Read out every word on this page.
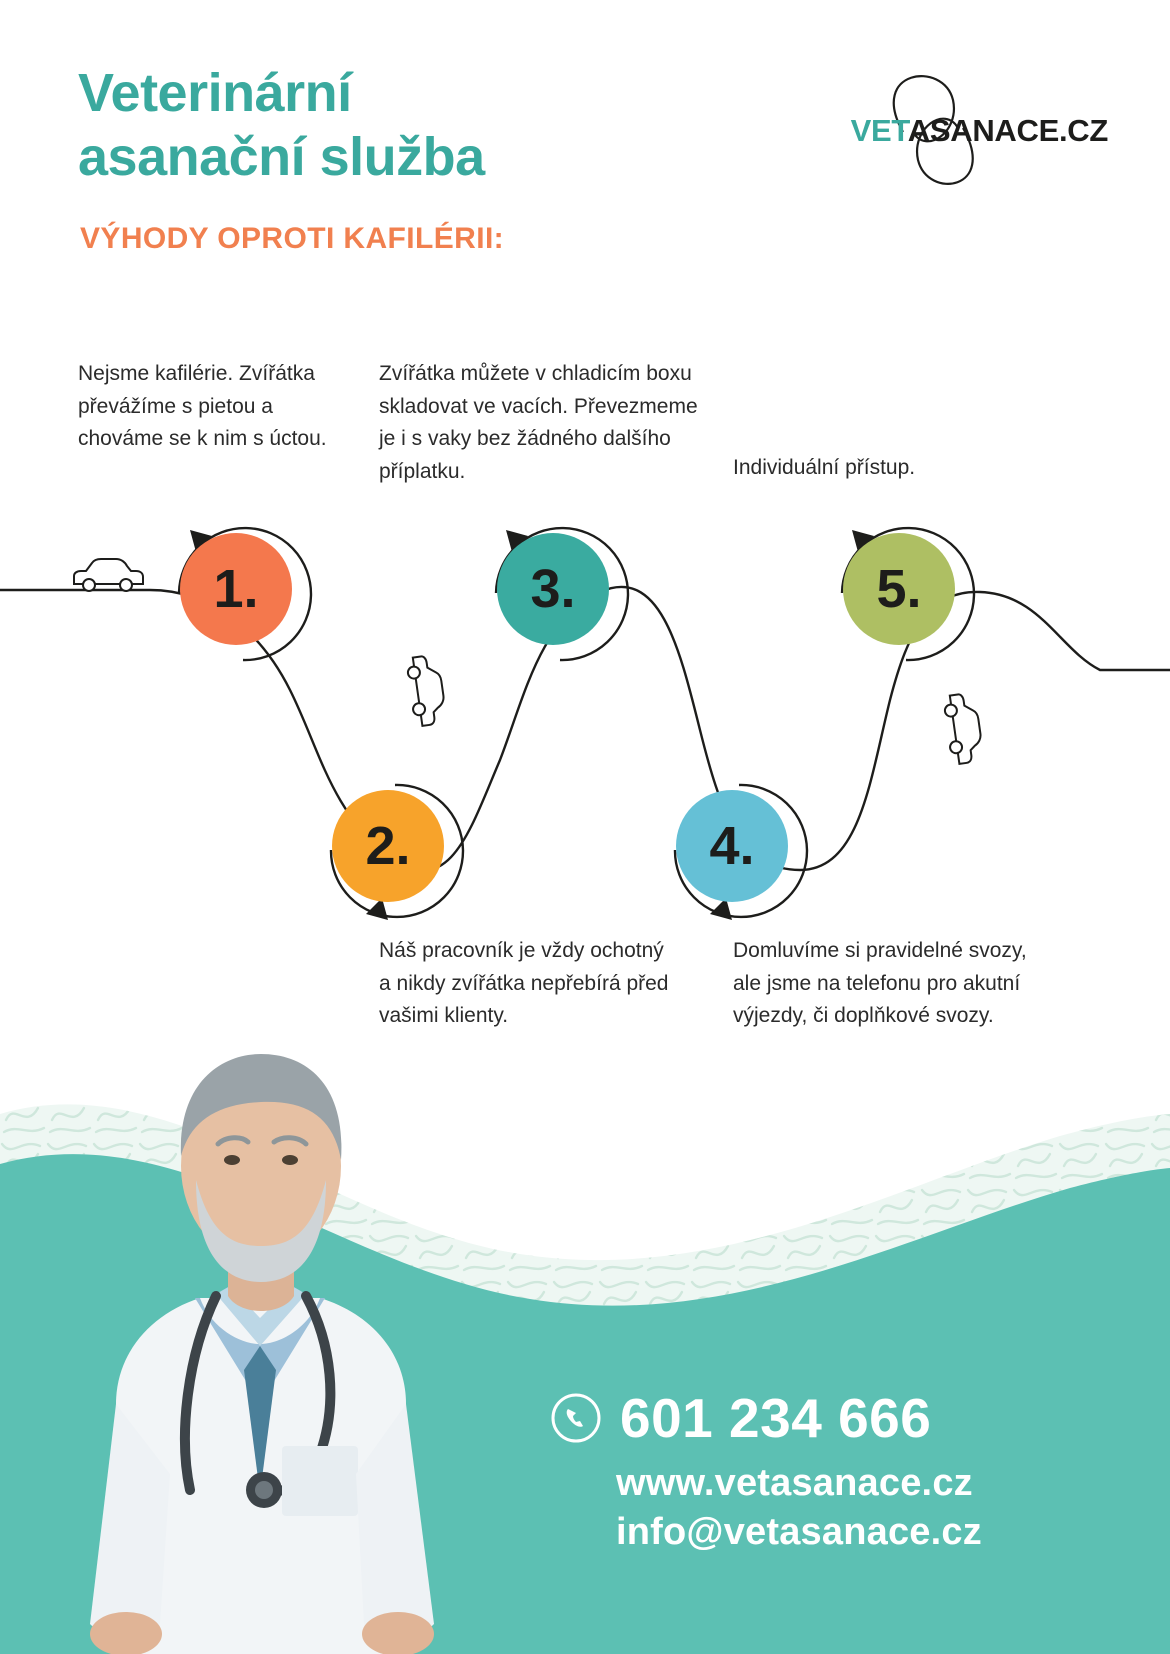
Veterinární
asanační služba
VÝHODY OPROTI KAFILÉRII:
VETASANACE.CZ
Nejsme kafilérie. Zvířátka převážíme s pietou a chováme se k nim s úctou.
Zvířátka můžete v chladicím boxu skladovat ve vacích. Převezmeme je i s vaky bez žádného dalšího příplatku.	Individuální přístup.
1.
2.
3.
4.
5.
Náš pracovník je vždy ochotný a nikdy zvířátka nepřebírá před vašimi klienty.
Domluvíme si pravidelné svozy, ale jsme na telefonu pro akutní výjezdy, či doplňkové svozy.
601 234 666
www.vetasanace.cz
info@vetasanace.cz
